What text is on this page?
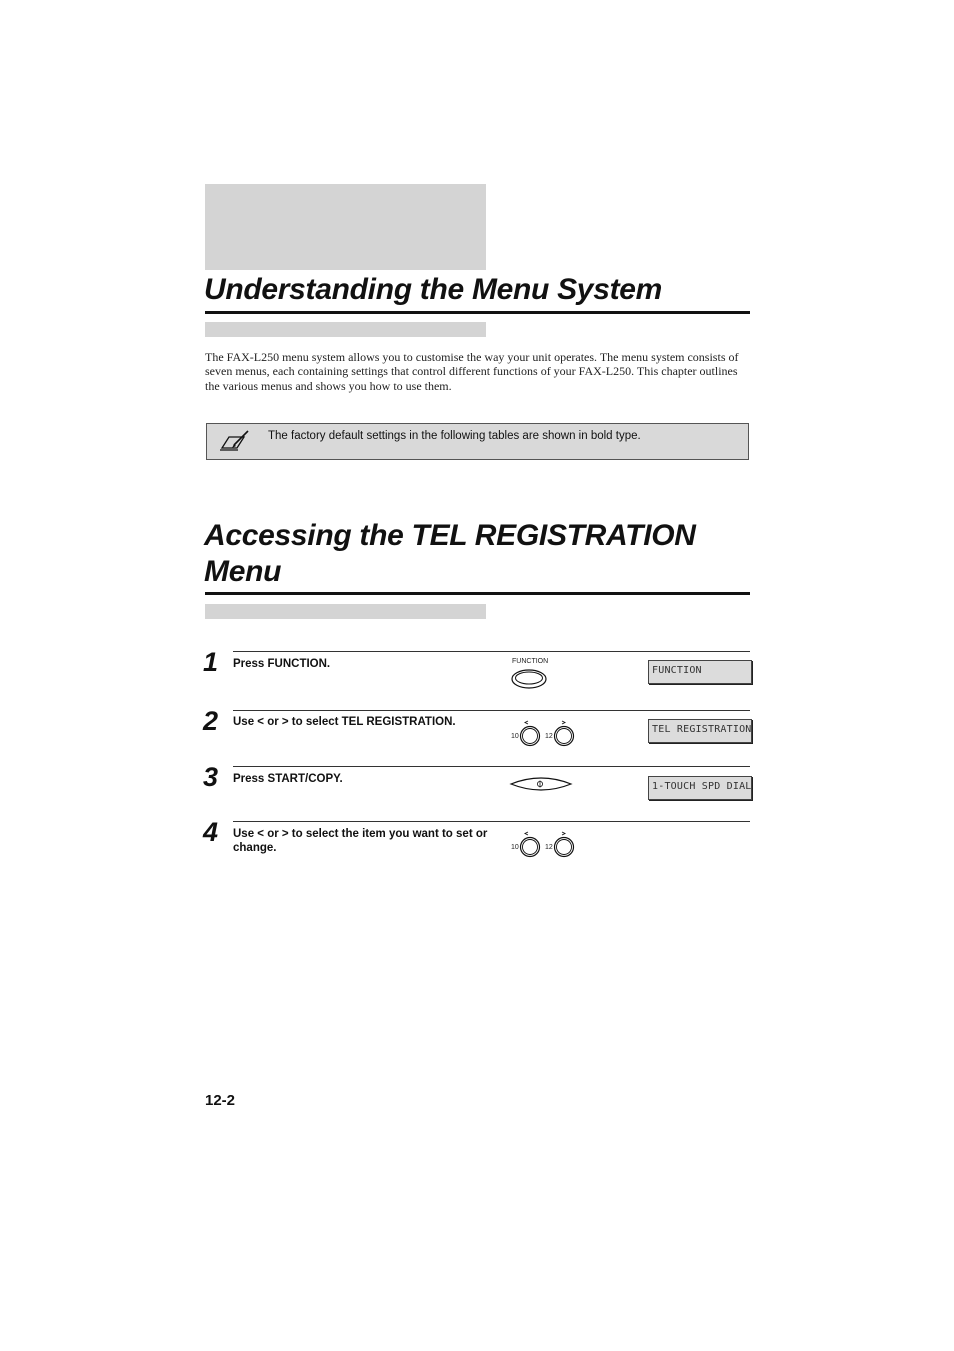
Understanding the Menu System
The FAX-L250 menu system allows you to customise the way your unit operates. The menu system consists of seven menus, each containing settings that control different functions of your FAX-L250. This chapter outlines the various menus and shows you how to use them.
The factory default settings in the following tables are shown in bold type.
Accessing the TEL REGISTRATION Menu
1	Press FUNCTION.	FUNCTION
FUNCTION
2	Use < or > to select TEL REGISTRATION.
10	12
TEL REGISTRATION
3	Press START/COPY.
1-TOUCH SPD DIAL
4	Use < or > to select the item you want to set or change.	10	12
12-2
